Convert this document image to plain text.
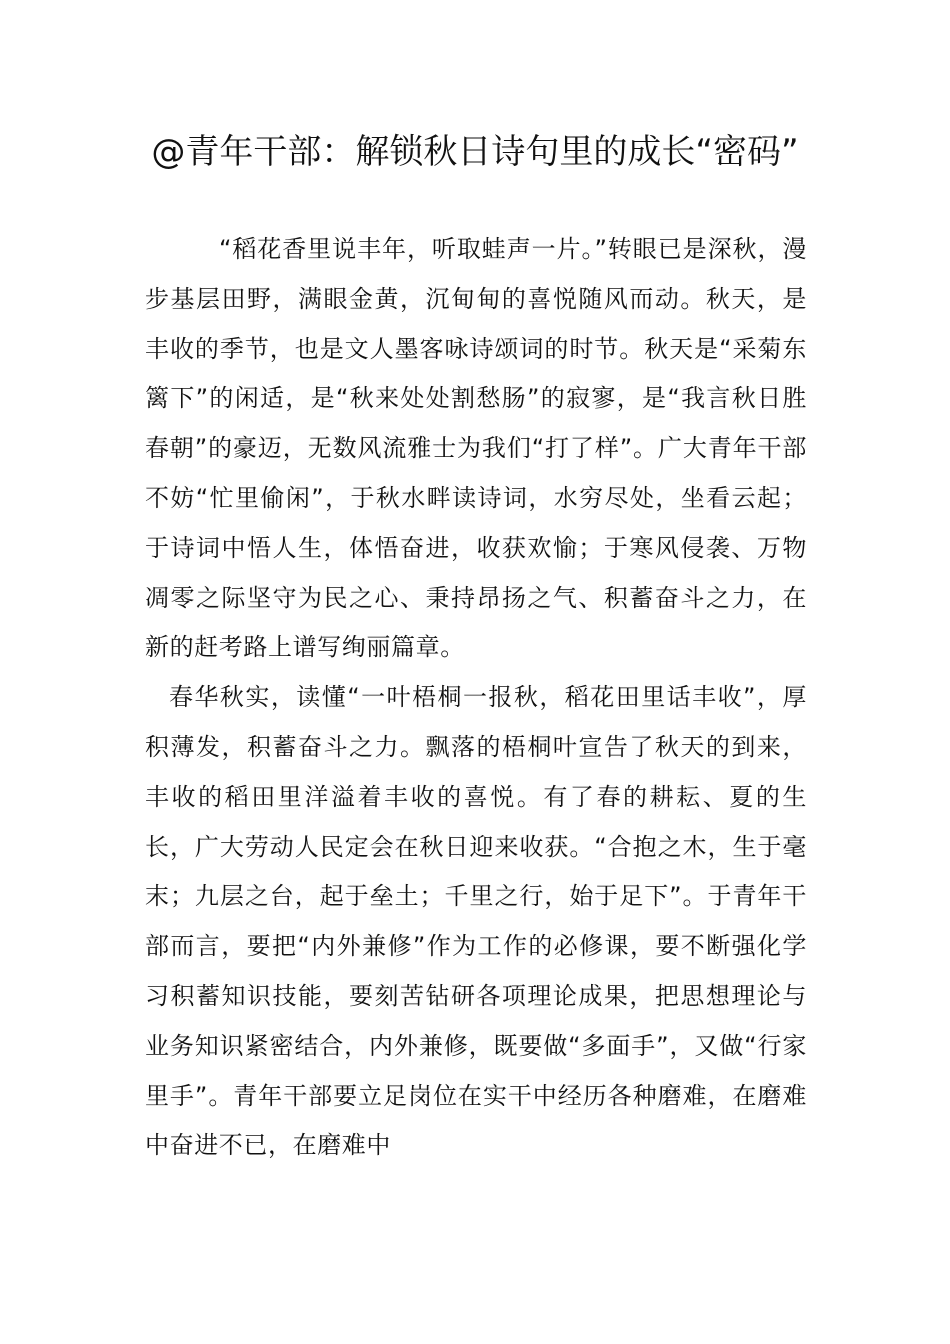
@青年干部：解锁秋日诗句里的成长“密码”

“稻花香里说丰年，听取蛙声一片。”转眼已是深秋，漫步基层田野，满眼金黄，沉甸甸的喜悦随风而动。秋天，是丰收的季节，也是文人墨客咏诗颂词的时节。秋天是“采菊东篱下”的闲适，是“秋来处处割愁肠”的寂寥，是“我言秋日胜春朝”的豪迈，无数风流雅士为我们“打了样”。广大青年干部不妨“忙里偷闲”，于秋水畔读诗词，水穷尽处，坐看云起；于诗词中悟人生，体悟奋进，收获欢愉；于寒风侵袭、万物凋零之际坚守为民之心、秉持昂扬之气、积蓄奋斗之力，在新的赶考路上谱写绚丽篇章。

春华秋实，读懂“一叶梧桐一报秋，稻花田里话丰收”，厚积薄发，积蓄奋斗之力。飘落的梧桐叶宣告了秋天的到来，丰收的稻田里洋溢着丰收的喜悦。有了春的耕耘、夏的生长，广大劳动人民定会在秋日迎来收获。“合抱之木，生于毫末；九层之台，起于垒土；千里之行，始于足下”。于青年干部而言，要把“内外兼修”作为工作的必修课，要不断强化学习积蓄知识技能，要刻苦钻研各项理论成果，把思想理论与业务知识紧密结合，内外兼修，既要做“多面手”，又做“行家里手”。青年干部要立足岗位在实干中经历各种磨难，在磨难中奋进不已，在磨难中
